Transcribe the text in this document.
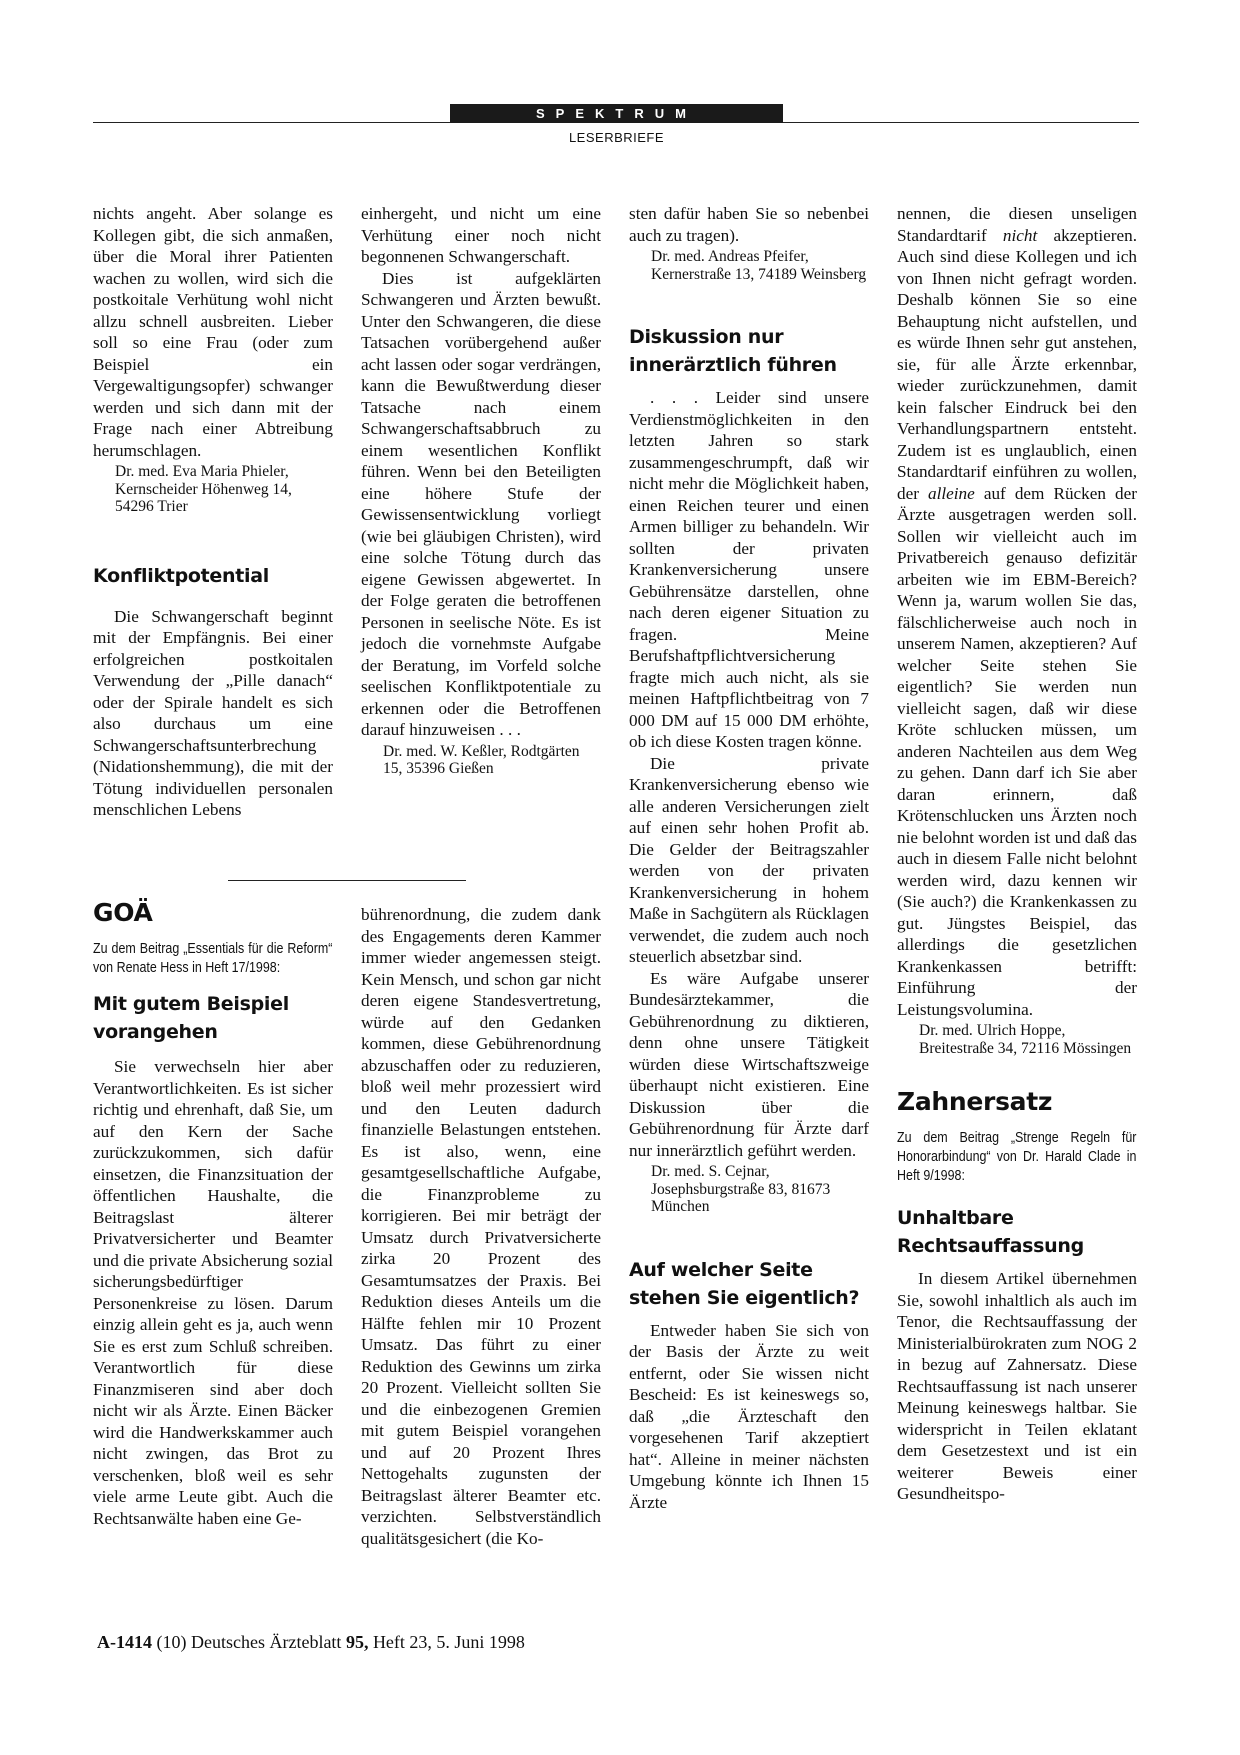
SPEKTRUM
LESERBRIEFE

nichts angeht. Aber solange es Kollegen gibt, die sich anmaßen, über die Moral ihrer Patienten wachen zu wollen, wird sich die postkoitale Verhütung wohl nicht allzu schnell ausbreiten. Lieber soll so eine Frau (oder zum Beispiel ein Vergewaltigungsopfer) schwanger werden und sich dann mit der Frage nach einer Abtreibung herumschlagen.

Dr. med. Eva Maria Phieler, Kernscheider Höhenweg 14, 54296 Trier

Konfliktpotential

Die Schwangerschaft beginnt mit der Empfängnis. Bei einer erfolgreichen postkoitalen Verwendung der „Pille danach“ oder der Spirale handelt es sich also durchaus um eine Schwangerschaftsunterbrechung (Nidationshemmung), die mit der Tötung individuellen personalen menschlichen Lebens

einhergeht, und nicht um eine Verhütung einer noch nicht begonnenen Schwangerschaft.

Dies ist aufgeklärten Schwangeren und Ärzten bewußt. Unter den Schwangeren, die diese Tatsachen vorübergehend außer acht lassen oder sogar verdrängen, kann die Bewußtwerdung dieser Tatsache nach einem Schwangerschaftsabbruch zu einem wesentlichen Konflikt führen. Wenn bei den Beteiligten eine höhere Stufe der Gewissensentwicklung vorliegt (wie bei gläubigen Christen), wird eine solche Tötung durch das eigene Gewissen abgewertet. In der Folge geraten die betroffenen Personen in seelische Nöte. Es ist jedoch die vornehmste Aufgabe der Beratung, im Vorfeld solche seelischen Konfliktpotentiale zu erkennen oder die Betroffenen darauf hinzuweisen . . .

Dr. med. W. Keßler, Rodtgärten 15, 35396 Gießen

GOÄ

Zu dem Beitrag „Essentials für die Reform“ von Renate Hess in Heft 17/1998:

Mit gutem Beispiel vorangehen

Sie verwechseln hier aber Verantwortlichkeiten. Es ist sicher richtig und ehrenhaft, daß Sie, um auf den Kern der Sache zurückzukommen, sich dafür einsetzen, die Finanzsituation der öffentlichen Haushalte, die Beitragslast älterer Privatversicherter und Beamter und die private Absicherung sozial sicherungsbedürftiger Personenkreise zu lösen. Darum einzig allein geht es ja, auch wenn Sie es erst zum Schluß schreiben. Verantwortlich für diese Finanzmiseren sind aber doch nicht wir als Ärzte. Einen Bäcker wird die Handwerkskammer auch nicht zwingen, das Brot zu verschenken, bloß weil es sehr viele arme Leute gibt. Auch die Rechtsanwälte haben eine Ge-

bührenordnung, die zudem dank des Engagements deren Kammer immer wieder angemessen steigt. Kein Mensch, und schon gar nicht deren eigene Standesvertretung, würde auf den Gedanken kommen, diese Gebührenordnung abzuschaffen oder zu reduzieren, bloß weil mehr prozessiert wird und den Leuten dadurch finanzielle Belastungen entstehen. Es ist also, wenn, eine gesamtgesellschaftliche Aufgabe, die Finanzprobleme zu korrigieren. Bei mir beträgt der Umsatz durch Privatversicherte zirka 20 Prozent des Gesamtumsatzes der Praxis. Bei Reduktion dieses Anteils um die Hälfte fehlen mir 10 Prozent Umsatz. Das führt zu einer Reduktion des Gewinns um zirka 20 Prozent. Vielleicht sollten Sie und die einbezogenen Gremien mit gutem Beispiel vorangehen und auf 20 Prozent Ihres Nettogehalts zugunsten der Beitragslast älterer Beamter etc. verzichten. Selbstverständlich qualitätsgesichert (die Ko-

sten dafür haben Sie so nebenbei auch zu tragen).

Dr. med. Andreas Pfeifer, Kernerstraße 13, 74189 Weinsberg

Diskussion nur innerärztlich führen

. . . Leider sind unsere Verdienstmöglichkeiten in den letzten Jahren so stark zusammengeschrumpft, daß wir nicht mehr die Möglichkeit haben, einen Reichen teurer und einen Armen billiger zu behandeln. Wir sollten der privaten Krankenversicherung unsere Gebührensätze darstellen, ohne nach deren eigener Situation zu fragen. Meine Berufshaftpflichtversicherung fragte mich auch nicht, als sie meinen Haftpflichtbeitrag von 7 000 DM auf 15 000 DM erhöhte, ob ich diese Kosten tragen könne.

Die private Krankenversicherung ebenso wie alle anderen Versicherungen zielt auf einen sehr hohen Profit ab. Die Gelder der Beitragszahler werden von der privaten Krankenversicherung in hohem Maße in Sachgütern als Rücklagen verwendet, die zudem auch noch steuerlich absetzbar sind.

Es wäre Aufgabe unserer Bundesärztekammer, die Gebührenordnung zu diktieren, denn ohne unsere Tätigkeit würden diese Wirtschaftszweige überhaupt nicht existieren. Eine Diskussion über die Gebührenordnung für Ärzte darf nur innerärztlich geführt werden.

Dr. med. S. Cejnar, Josephsburgstraße 83, 81673 München

Auf welcher Seite stehen Sie eigentlich?

Entweder haben Sie sich von der Basis der Ärzte zu weit entfernt, oder Sie wissen nicht Bescheid: Es ist keineswegs so, daß „die Ärzteschaft den vorgesehenen Tarif akzeptiert hat“. Alleine in meiner nächsten Umgebung könnte ich Ihnen 15 Ärzte

nennen, die diesen unseligen Standardtarif nicht akzeptieren. Auch sind diese Kollegen und ich von Ihnen nicht gefragt worden. Deshalb können Sie so eine Behauptung nicht aufstellen, und es würde Ihnen sehr gut anstehen, sie, für alle Ärzte erkennbar, wieder zurückzunehmen, damit kein falscher Eindruck bei den Verhandlungspartnern entsteht. Zudem ist es unglaublich, einen Standardtarif einführen zu wollen, der alleine auf dem Rücken der Ärzte ausgetragen werden soll. Sollen wir vielleicht auch im Privatbereich genauso defizitär arbeiten wie im EBM-Bereich? Wenn ja, warum wollen Sie das, fälschlicherweise auch noch in unserem Namen, akzeptieren? Auf welcher Seite stehen Sie eigentlich? Sie werden nun vielleicht sagen, daß wir diese Kröte schlucken müssen, um anderen Nachteilen aus dem Weg zu gehen. Dann darf ich Sie aber daran erinnern, daß Krötenschlucken uns Ärzten noch nie belohnt worden ist und daß das auch in diesem Falle nicht belohnt werden wird, dazu kennen wir (Sie auch?) die Krankenkassen zu gut. Jüngstes Beispiel, das allerdings die gesetzlichen Krankenkassen betrifft: Einführung der Leistungsvolumina.

Dr. med. Ulrich Hoppe, Breitestraße 34, 72116 Mössingen

Zahnersatz

Zu dem Beitrag „Strenge Regeln für Honorarbindung“ von Dr. Harald Clade in Heft 9/1998:

Unhaltbare Rechtsauffassung

In diesem Artikel übernehmen Sie, sowohl inhaltlich als auch im Tenor, die Rechtsauffassung der Ministerialbürokraten zum NOG 2 in bezug auf Zahnersatz. Diese Rechtsauffassung ist nach unserer Meinung keineswegs haltbar. Sie widerspricht in Teilen eklatant dem Gesetzestext und ist ein weiterer Beweis einer Gesundheitspo-

A-1414 (10) Deutsches Ärzteblatt 95, Heft 23, 5. Juni 1998
